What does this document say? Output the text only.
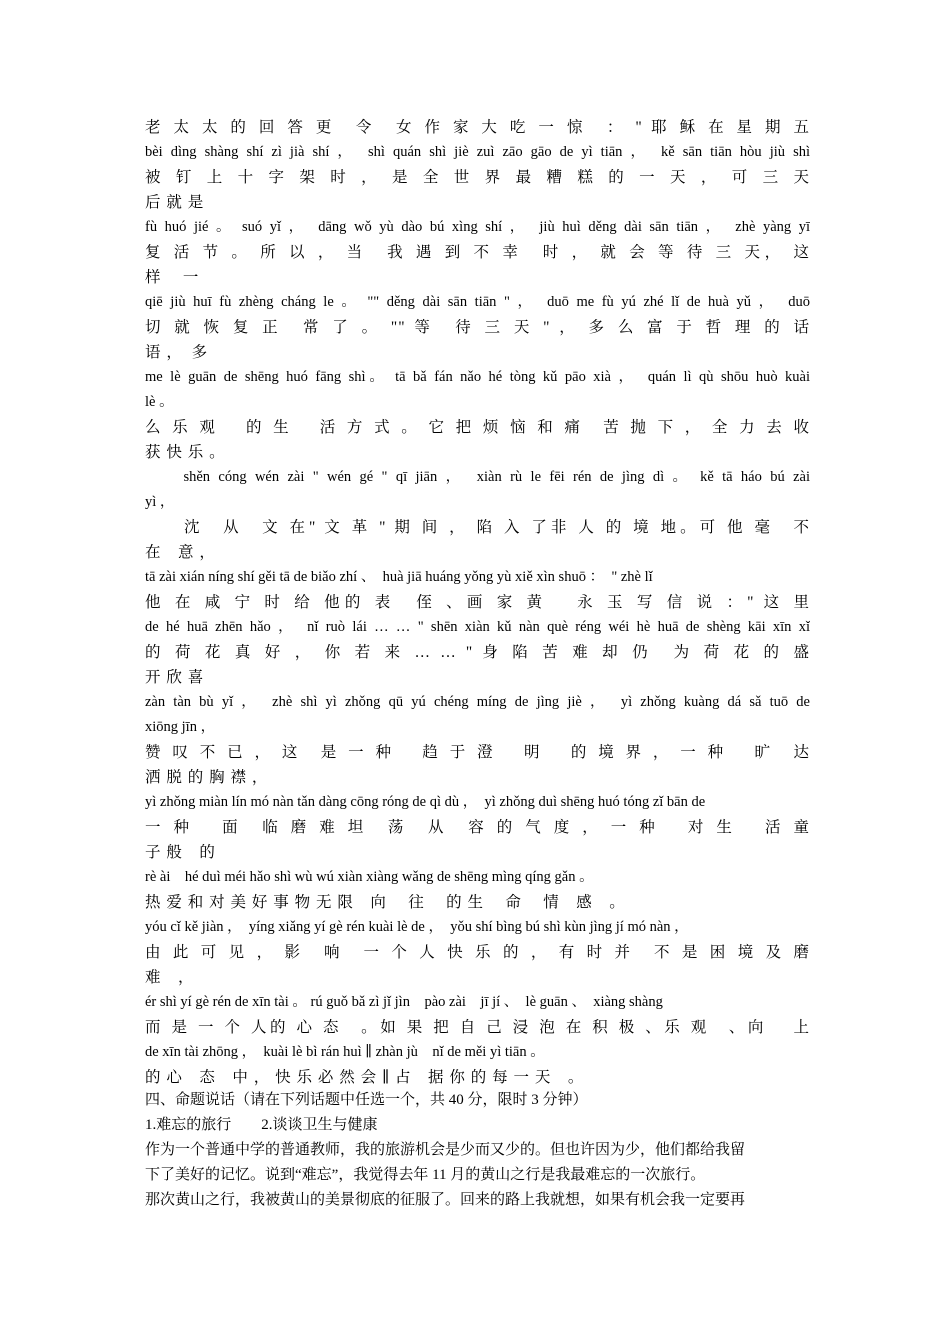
老 太 太 的 回 答 更　令　女 作 家 大 吃 一 惊　： " 耶 稣 在 星 期 五
bèi dìng shàng shí zì jià shí ，　shì quán shì jiè zuì zāo gāo de yì tiān ，　kě sān tiān hòu jiù shì
被 钉 上 十 字 架 时 ， 是 全 世 界 最 糟 糕 的 一 天 ， 可 三 天
后 就 是
fù huó jié 。 suó yǐ ，　dāng wǒ yù dào bú xìng shí ，　jiù huì děng dài sān tiān ，　zhè yàng yī
复 活 节 。 所 以 ， 当　我 遇 到 不 幸　时 ， 就 会 等 待 三 天， 这
样　 一
qiē jiù huī fù zhèng cháng le 。 "" děng dài sān tiān " ，　duō me fù yú zhé lǐ de huà yǔ ，　duō
切 就 恢 复 正　常 了 。 "" 等　待 三 天 " ， 多 么 富 于 哲 理 的 话
语 ，　多
me lè guān de shēng huó fāng shì。 tā bǎ fán nǎo hé tòng kǔ pāo xià ，　quán lì qù shōu huò kuài
lè 。
么 乐 观　 的 生　 活 方 式 。 它 把 烦 恼 和 痛　苦 抛 下 ， 全 力 去 收
获 快 乐 。
　　shěn cóng wén zài " wén gé " qī jiān ，　xiàn rù le fēi rén de jìng dì 。 kě tā háo bú zài
yì ，
　　沈　从　文 在" 文 革 " 期 间 ， 陷 入 了非 人 的 境 地。可 他 毫　不
在　意 ，
tā zài xián níng shí gěi tā de biǎo zhí 、　huà jiā huáng yǒng yù xiě xìn shuō ：　" zhè lǐ
他 在 咸 宁 时 给 他的 表　侄 、画 家 黄　 永 玉 写 信 说 ：" 这 里
de hé huā zhēn hǎo ，　nǐ ruò lái … … " shēn xiàn kǔ nàn què réng wéi hè huā de shèng kāi xīn xǐ
的 荷 花 真 好 ， 你 若 来 … … " 身 陷 苦 难 却 仍　为 荷 花 的 盛
开 欣 喜
zàn tàn bù yǐ ，　zhè shì yì zhǒng qū yú chéng míng de jìng jiè ，　yì zhǒng kuàng dá sǎ tuō de
xiōng jīn ，
赞 叹 不 已 ， 这　是 一 种　 趋 于 澄　 明　 的 境 界 ， 一 种　 旷　达
洒 脱 的 胸 襟 ，
yì zhǒng miàn lín mó nàn tǎn dàng cōng róng de qì dù ，　yì zhǒng duì shēng huó tóng zǐ bān de
一 种　 面　临 磨 难 坦　荡　从　容 的 气 度 ， 一 种　 对 生　 活 童
子 般　的
rè ài　hé duì méi hǎo shì wù wú xiàn xiàng wǎng de shēng mìng qíng gǎn 。
热 爱 和 对 美 好 事 物 无 限　向　 往　 的 生　 命　 情　感　。
yóu cǐ kě jiàn ，　yíng xiǎng yí gè rén kuài lè de ，　yǒu shí bìng bú shì kùn jìng jí mó nàn ，
由 此 可 见 ， 影　响　一 个 人 快 乐 的 ， 有 时 并　不 是 困 境 及 磨
难　，
ér shì yí gè rén de xīn tài 。 rú guǒ bǎ zì jǐ jìn　pào zài　jī jí 、　lè guān 、　xiàng shàng
而 是 一 个 人的 心 态　。如 果 把 自 己 浸 泡 在 积 极 、乐 观　、向　 上
de xīn tài zhōng ，　kuài lè bì rán huì ∥ zhàn jù　nǐ de měi yì tiān 。
的 心　态　中 ， 快 乐 必 然 会 ∥ 占　据 你 的 每 一 天　。
四、命题说话（请在下列话题中任选一个，共 40 分，限时 3 分钟）
1.难忘的旅行　　2.谈谈卫生与健康
作为一个普通中学的普通教师，我的旅游机会是少而又少的。但也许因为少，他们都给我留
下了美好的记忆。说到“难忘”，我觉得去年 11 月的黄山之行是我最难忘的一次旅行。
那次黄山之行，我被黄山的美景彻底的征服了。回来的路上我就想，如果有机会我一定要再
